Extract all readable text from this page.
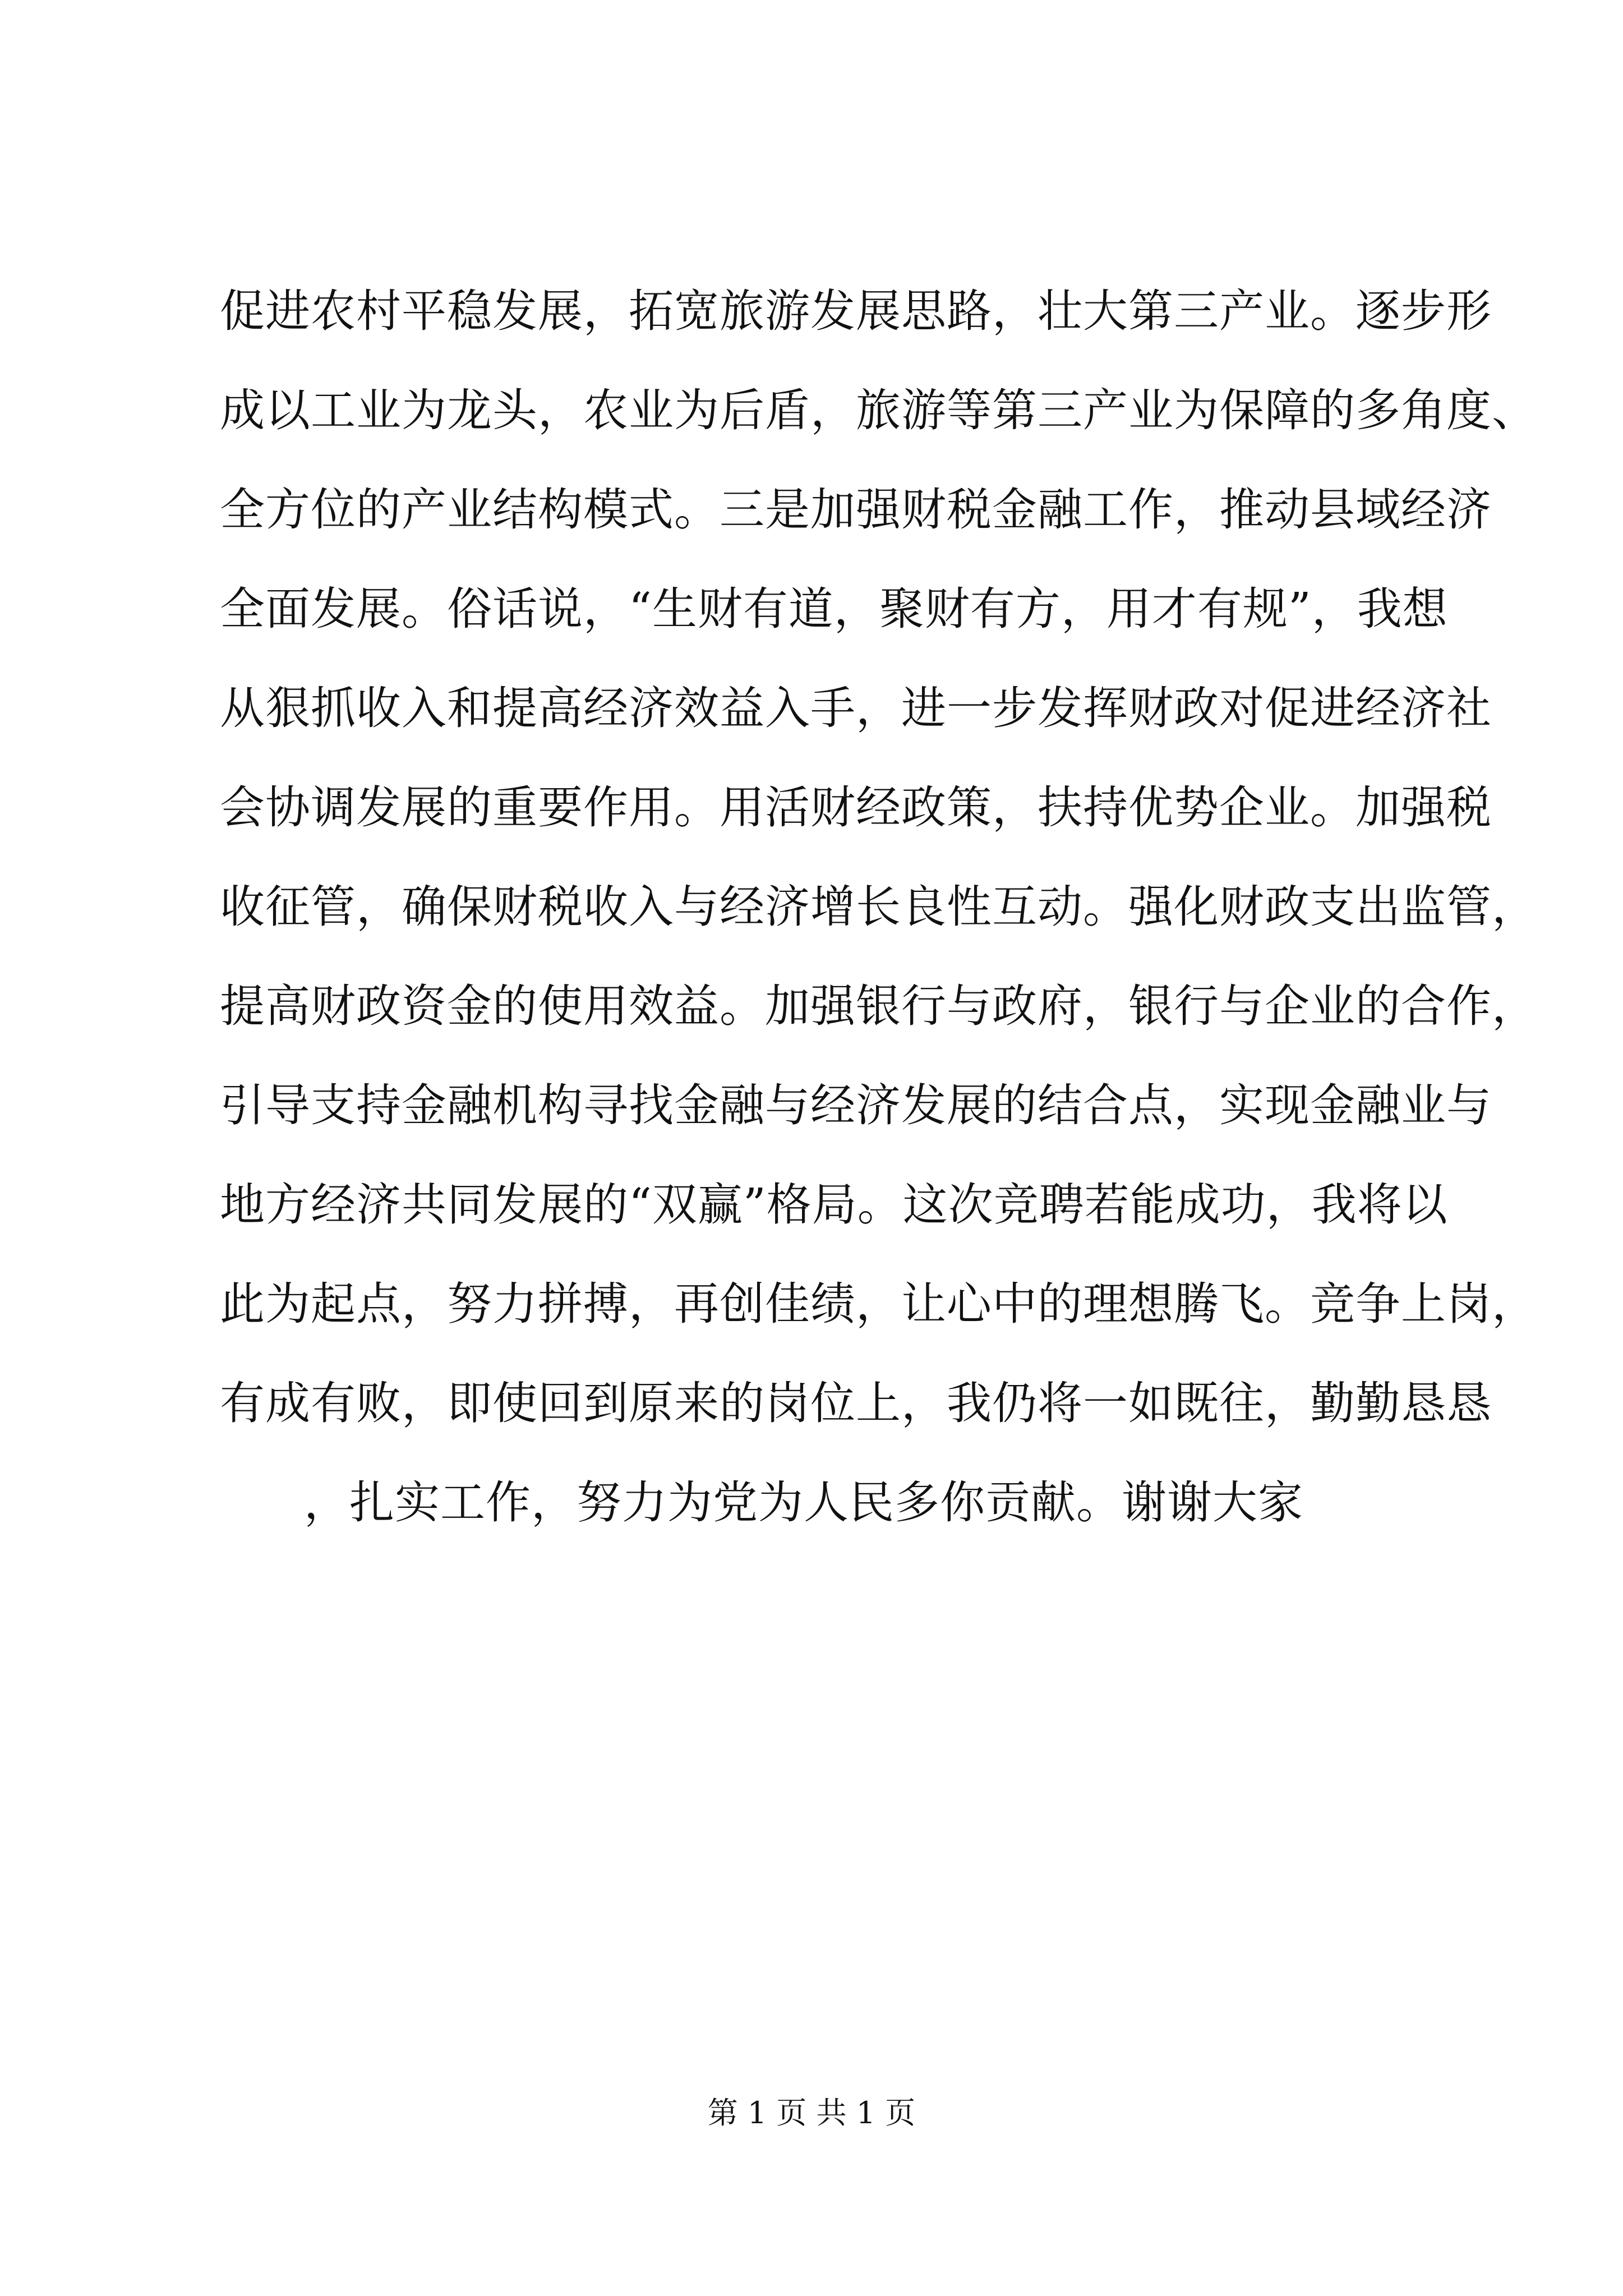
促进农村平稳发展，拓宽旅游发展思路，壮大第三产业。逐步形
成以工业为龙头，农业为后盾，旅游等第三产业为保障的多角度、
全方位的产业结构模式。三是加强财税金融工作，推动县域经济
全面发展。俗话说，“生财有道，聚财有方，用才有规”，我想
从狠抓收入和提高经济效益入手，进一步发挥财政对促进经济社
会协调发展的重要作用。用活财经政策，扶持优势企业。加强税
收征管，确保财税收入与经济增长良性互动。强化财政支出监管，
提高财政资金的使用效益。加强银行与政府，银行与企业的合作，
引导支持金融机构寻找金融与经济发展的结合点，实现金融业与
地方经济共同发展的“双赢”格局。这次竞聘若能成功，我将以
此为起点，努力拼搏，再创佳绩，让心中的理想腾飞。竞争上岗，
有成有败，即使回到原来的岗位上，我仍将一如既往，勤勤恳恳
，扎实工作，努力为党为人民多你贡献。谢谢大家
第 1 页 共 1 页
